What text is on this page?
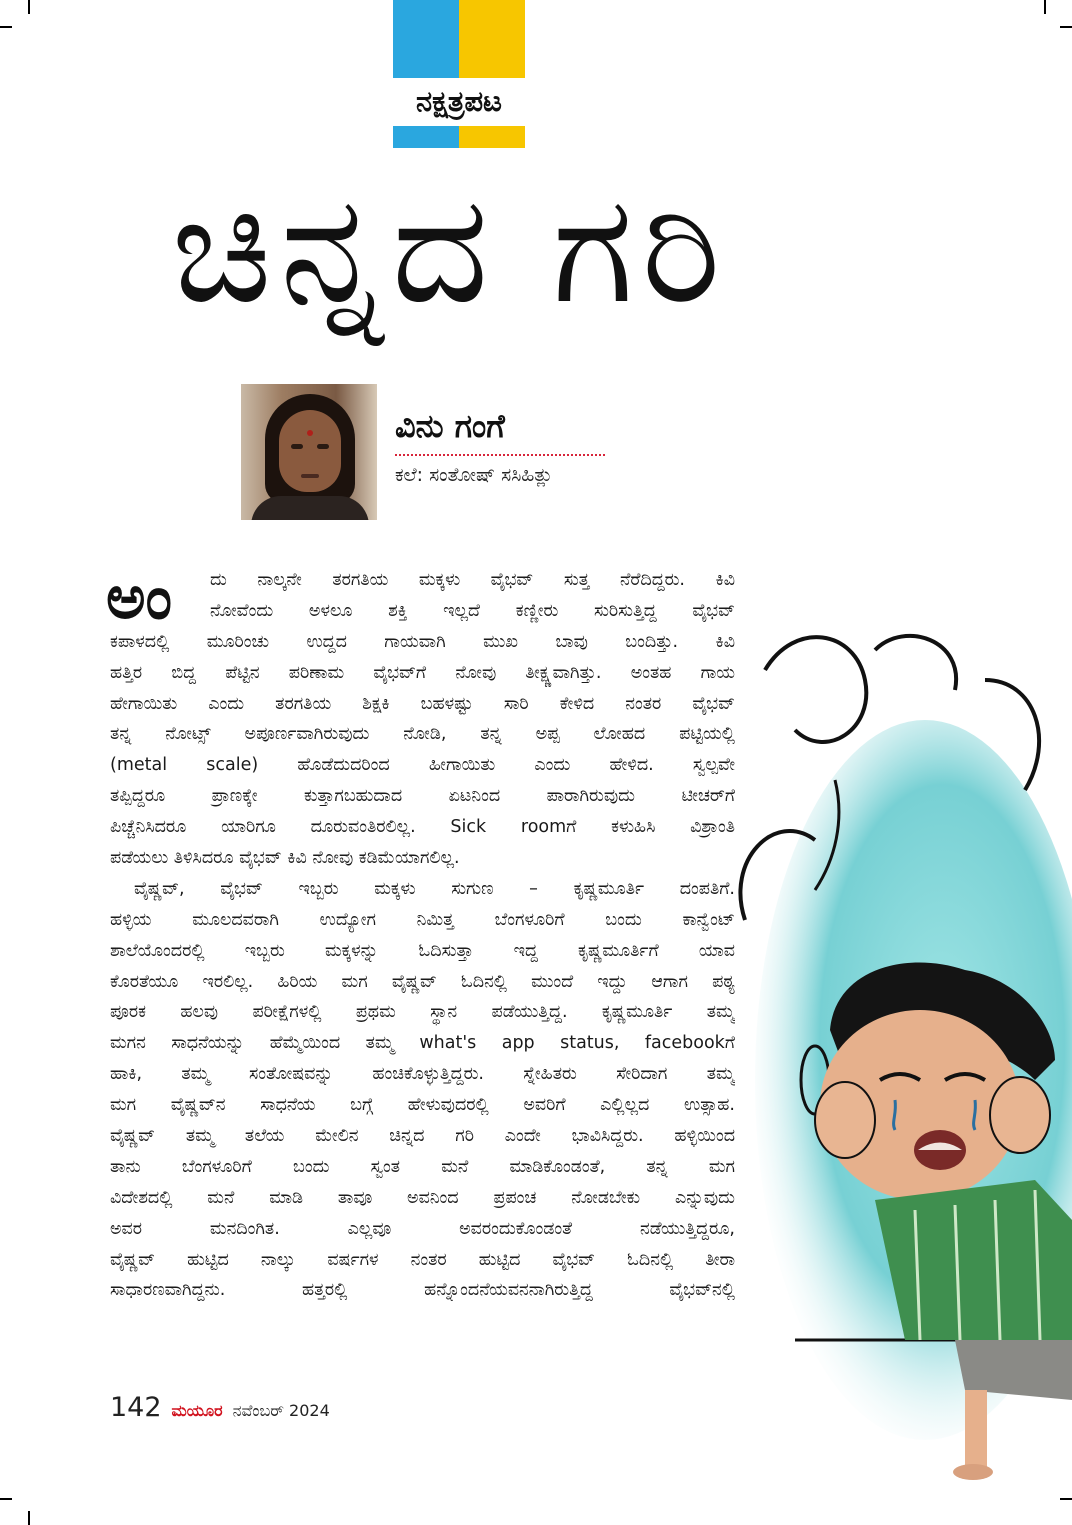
ನಕ್ಷತ್ರಪಟ
ಚಿನ್ನದ ಗರಿ
ವಿನು ಗಂಗೆ
ಕಲೆ: ಸಂತೋಷ್ ಸಸಿಹಿತ್ಲು
ಅಂ	ದು ನಾಲ್ಕನೇ ತರಗತಿಯ ಮಕ್ಕಳು ವೈಭವ್ ಸುತ್ತ ನೆರೆದಿದ್ದರು. ಕಿವಿ
ನೋವೆಂದು ಅಳಲೂ ಶಕ್ತಿ ಇಲ್ಲದೆ ಕಣ್ಣೀರು ಸುರಿಸುತ್ತಿದ್ದ ವೈಭವ್
ಕಪಾಳದಲ್ಲಿ ಮೂರಿಂಚು ಉದ್ದದ ಗಾಯವಾಗಿ ಮುಖ ಬಾವು ಬಂದಿತ್ತು. ಕಿವಿ
ಹತ್ತಿರ ಬಿದ್ದ ಪೆಟ್ಟಿನ ಪರಿಣಾಮ ವೈಭವ್‌ಗೆ ನೋವು ತೀಕ್ಷ್ಣವಾಗಿತ್ತು. ಅಂತಹ ಗಾಯ
ಹೇಗಾಯಿತು ಎಂದು ತರಗತಿಯ ಶಿಕ್ಷಕಿ ಬಹಳಷ್ಟು ಸಾರಿ ಕೇಳಿದ ನಂತರ ವೈಭವ್
ತನ್ನ ನೋಟ್ಸ್ ಅಪೂರ್ಣವಾಗಿರುವುದು ನೋಡಿ, ತನ್ನ ಅಪ್ಪ ಲೋಹದ ಪಟ್ಟಿಯಲ್ಲಿ
(metal scale) ಹೊಡೆದುದರಿಂದ ಹೀಗಾಯಿತು ಎಂದು ಹೇಳಿದ. ಸ್ವಲ್ಪವೇ
ತಪ್ಪಿದ್ದರೂ ಪ್ರಾಣಕ್ಕೇ ಕುತ್ತಾಗಬಹುದಾದ ಏಟನಿಂದ ಪಾರಾಗಿರುವುದು ಟೀಚರ್‌ಗೆ
ಪಿಚ್ಚೆನಿಸಿದರೂ ಯಾರಿಗೂ ದೂರುವಂತಿರಲಿಲ್ಲ. Sick roomಗೆ ಕಳುಹಿಸಿ ವಿಶ್ರಾಂತಿ
ಪಡೆಯಲು ತಿಳಿಸಿದರೂ ವೈಭವ್ ಕಿವಿ ನೋವು ಕಡಿಮೆಯಾಗಲಿಲ್ಲ.
ವೈಷ್ಣವ್, ವೈಭವ್ ಇಬ್ಬರು ಮಕ್ಕಳು ಸುಗುಣ – ಕೃಷ್ಣಮೂರ್ತಿ ದಂಪತಿಗೆ.
ಹಳ್ಳಿಯ ಮೂಲದವರಾಗಿ ಉದ್ಯೋಗ ನಿಮಿತ್ತ ಬೆಂಗಳೂರಿಗೆ ಬಂದು ಕಾನ್ವೆಂಟ್
ಶಾಲೆಯೊಂದರಲ್ಲಿ ಇಬ್ಬರು ಮಕ್ಕಳನ್ನು ಓದಿಸುತ್ತಾ ಇದ್ದ ಕೃಷ್ಣಮೂರ್ತಿಗೆ ಯಾವ
ಕೊರತೆಯೂ ಇರಲಿಲ್ಲ. ಹಿರಿಯ ಮಗ ವೈಷ್ಣವ್ ಓದಿನಲ್ಲಿ ಮುಂದೆ ಇದ್ದು ಆಗಾಗ ಪಠ್ಯ
ಪೂರಕ ಹಲವು ಪರೀಕ್ಷೆಗಳಲ್ಲಿ ಪ್ರಥಮ ಸ್ಥಾನ ಪಡೆಯುತ್ತಿದ್ದ. ಕೃಷ್ಣಮೂರ್ತಿ ತಮ್ಮ
ಮಗನ ಸಾಧನೆಯನ್ನು ಹೆಮ್ಮೆಯಿಂದ ತಮ್ಮ what's app status, facebookಗೆ
ಹಾಕಿ, ತಮ್ಮ ಸಂತೋಷವನ್ನು ಹಂಚಿಕೊಳ್ಳುತ್ತಿದ್ದರು. ಸ್ನೇಹಿತರು ಸೇರಿದಾಗ ತಮ್ಮ
ಮಗ ವೈಷ್ಣವ್‌ನ ಸಾಧನೆಯ ಬಗ್ಗೆ ಹೇಳುವುದರಲ್ಲಿ ಅವರಿಗೆ ಎಲ್ಲಿಲ್ಲದ ಉತ್ಸಾಹ.
ವೈಷ್ಣವ್ ತಮ್ಮ ತಲೆಯ ಮೇಲಿನ ಚಿನ್ನದ ಗರಿ ಎಂದೇ ಭಾವಿಸಿದ್ದರು. ಹಳ್ಳಿಯಿಂದ
ತಾನು ಬೆಂಗಳೂರಿಗೆ ಬಂದು ಸ್ವಂತ ಮನೆ ಮಾಡಿಕೊಂಡಂತೆ, ತನ್ನ ಮಗ
ವಿದೇಶದಲ್ಲಿ ಮನೆ ಮಾಡಿ ತಾವೂ ಅವನಿಂದ ಪ್ರಪಂಚ ನೋಡಬೇಕು ಎನ್ನುವುದು
ಅವರ ಮನದಿಂಗಿತ. ಎಲ್ಲವೂ ಅವರಂದುಕೊಂಡಂತೆ ನಡೆಯುತ್ತಿದ್ದರೂ,
ವೈಷ್ಣವ್ ಹುಟ್ಟಿದ ನಾಲ್ಕು ವರ್ಷಗಳ ನಂತರ ಹುಟ್ಟಿದ ವೈಭವ್ ಓದಿನಲ್ಲಿ ತೀರಾ
ಸಾಧಾರಣವಾಗಿದ್ದನು. ಹತ್ತರಲ್ಲಿ ಹನ್ನೊಂದನೆಯವನನಾಗಿರುತ್ತಿದ್ದ ವೈಭವ್‌ನಲ್ಲಿ
142 ಮಯೂರ ನವೆಂಬರ್ 2024
